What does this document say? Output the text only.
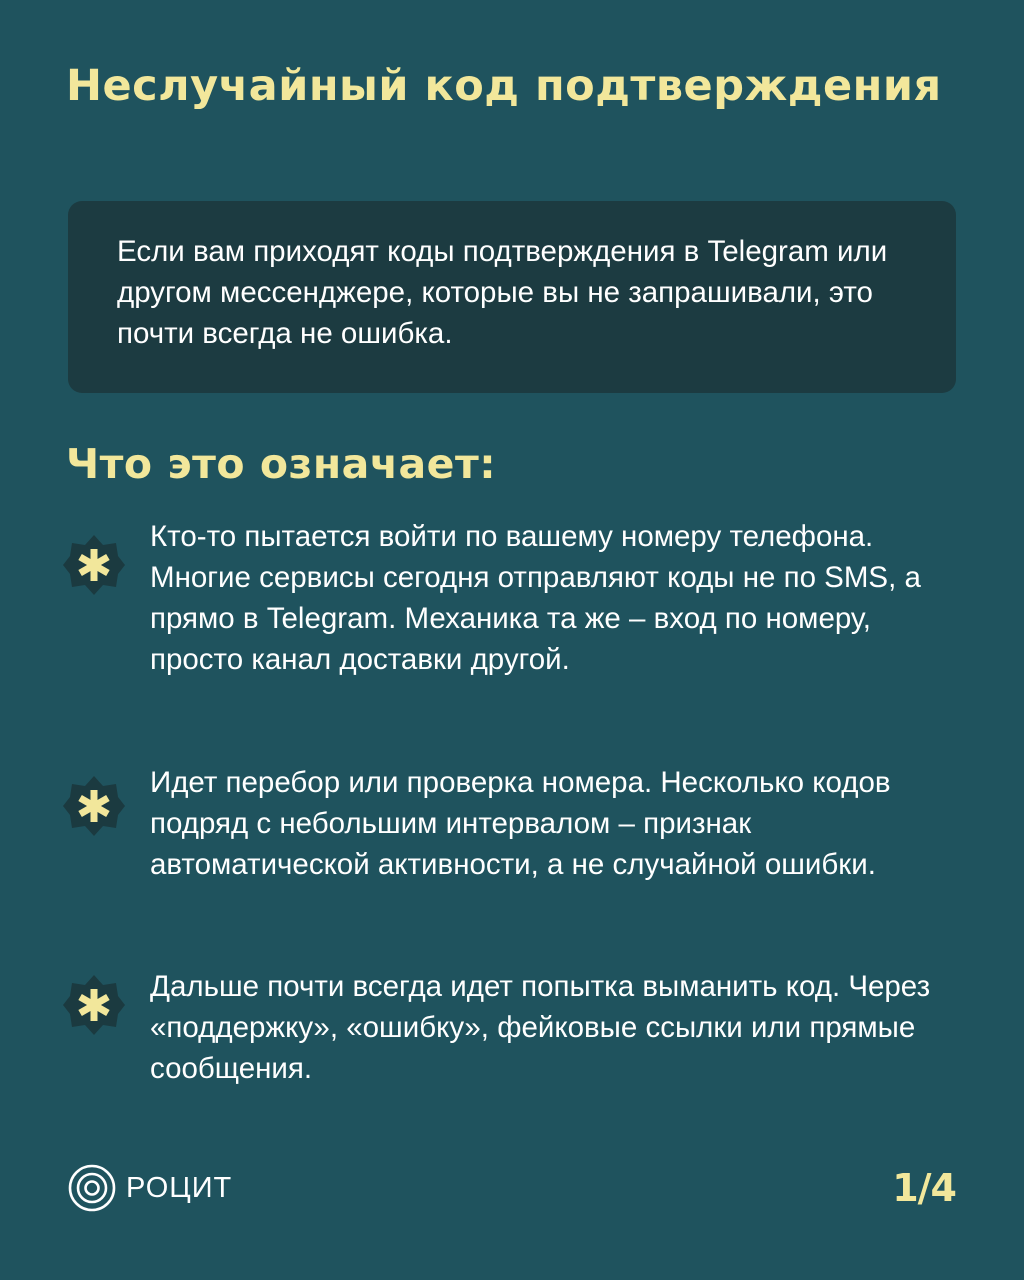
Неслучайный код подтверждения

Если вам приходят коды подтверждения в Telegram или другом мессенджере, которые вы не запрашивали, это почти всегда не ошибка.

Что это означает:

Кто-то пытается войти по вашему номеру телефона. Многие сервисы сегодня отправляют коды не по SMS, а прямо в Telegram. Механика та же – вход по номеру, просто канал доставки другой.

Идет перебор или проверка номера. Несколько кодов подряд с небольшим интервалом – признак автоматической активности, а не случайной ошибки.

Дальше почти всегда идет попытка выманить код. Через «поддержку», «ошибку», фейковые ссылки или прямые сообщения.

РОЦИТ	1/4
